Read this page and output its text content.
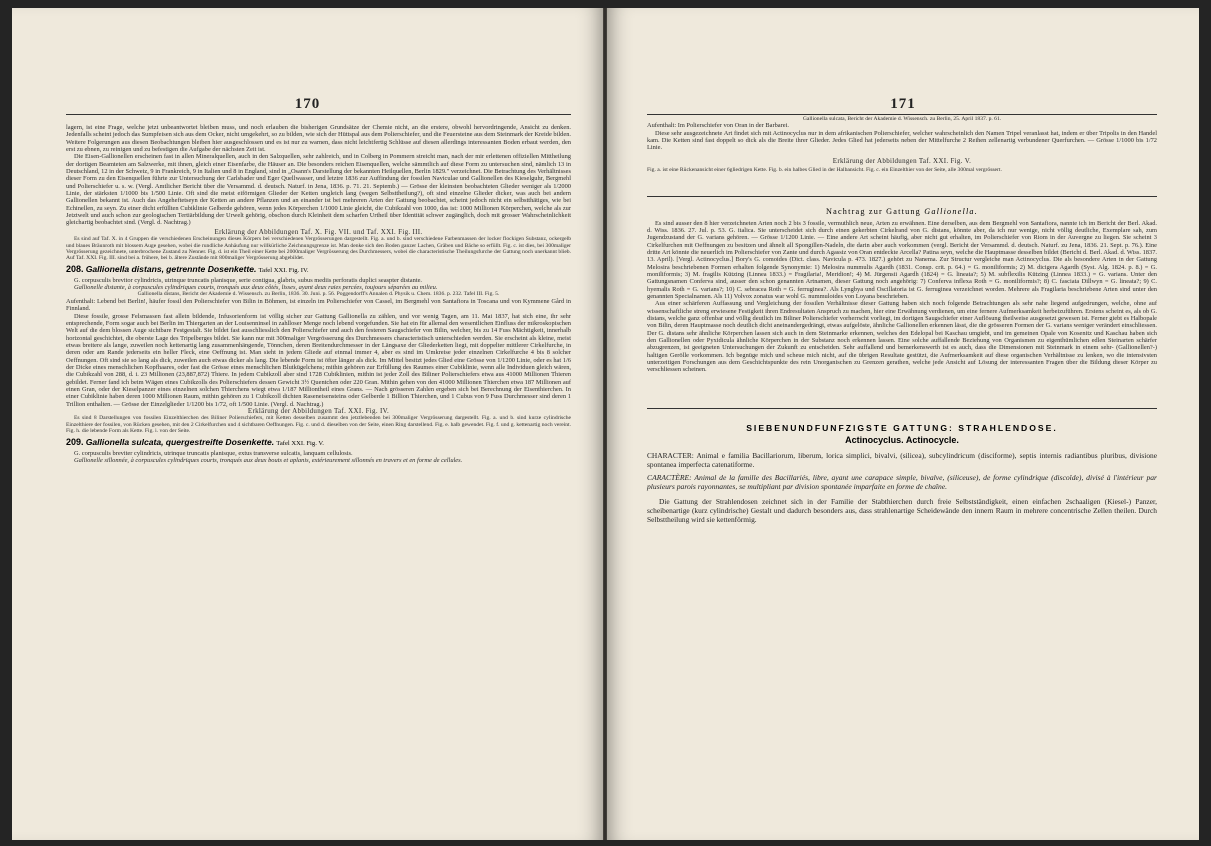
170

lagern, ist eine Frage, welche jetzt unbeantwortet bleiben muss, und noch erlauben die bisherigen Grundsätze der Chemie nicht, an die erstere, obwohl hervordringende, Ansicht zu denken. Jedenfalls scheint jedoch das Sumpfeisen sich aus dem Ocker, nicht umgekehrt, so zu bilden, wie sich der Hüttspal aus dem Polierschiefer, und die Feuersteine aus dem Steinmark der Kreide bilden. Weitere Folgerungen aus diesen Beobachtungen bleiben hier ausgeschlossen und es ist nur zu warnen, dass nicht leichtfertig Schlüsse auf diesen allerdings interessanten Boden erbaut werden, den erst zu ebnen, zu reinigen und zu befestigen die Aufgabe der nächsten Zeit ist.

Die Eisen-Gallionellen erscheinen fast in allen Mineralquellen, auch in den Salzquellen, sehr zahlreich, und in Colberg in Pommern streicht man, nach der mir erlettenen offiziellen Mittheilung der dortigen Beamteten am Salzwerke, mit ihnen, gleich einer Eisenfarbe, die Häuser an. Die besonders reichen Eisenquellen, welche sämmtlich auf diese Form zu untersuchen sind, nämlich 13 in Deutschland, 12 in der Schweiz, 9 in Frankreich, 9 in Italien und 8 in England, sind in „Osann's Darstellung der bekannten Heilquellen, Berlin 1829." verzeichnet. Die Betrachtung des Verhältnisses dieser Form zu den Eisenquellen führte zur Untersuchung der Carlsbader und Eger Quellwasser, und letztre 1836 zur Auffindung der fossilen Naviculae und Gallionellen des Kieselguhr, Bergmehl und Polierschiefer u. s. w. (Vergl. Amtlicher Bericht über die Versammd. d. deutsch. Naturf. in Jena, 1836. p. 71. 21. Septemb.) — Grösse der kleinsten beobachteten Glieder weniger als 1/2000 Linie, der stärksten 1/1000 bis 1/500 Linie. Oft sind die meist eiförmigen Glieder der Ketten ungleich lang (wegen Selbsttheilung?), oft sind einzelne Glieder dicker, was auch bei andern Gallionellen bekannt ist. Auch das Angeheftetseyn der Ketten an andere Pflanzen und an einander ist bei mehreren Arten der Gattung beobachtet, scheint jedoch nicht ein selbstthätiges, wie bei Echinellen, zu seyn. Zu einer dicht erfüllten Cubiklinie Gelberde gehören, wenn jedes Körperchen 1/1000 Linie gleicht, die Cubikzahl von 1000, das ist: 1000 Millionen Körperchen, welche als zur Jetztwelt und auch schon zur geologischen Tertiärbildung der Urwelt gehörig, obschon durch Kleinheit dem scharfen Urtheil über Identität schwer zugänglich, doch mit grosser Wahrscheinlichkeit gleichartig beobachtet sind. (Vergl. d. Nachtrag.)

Erklärung der Abbildungen Taf. X. Fig. VII. und Taf. XXI. Fig. III.

Es sind auf Taf. X. in 4 Gruppen die verschiedenen Erscheinungen dieses Körpers bei verschiedenen Vergrösserungen dargestellt. Fig. a. und b. sind verschiedene Farbenmassen der locker flockigen Substanz, ockergelb und blaues Bräunroth mit blossem Auge gesehen, wobei die rundliche Anhäufung nur willkürliche Zeichnungsgrenze ist. Man denke sich den Boden ganzer Lachen, Gräben und Bäche so erfüllt. Fig. c. ist dies, bei 300maliger Vergrösserung gezeichnete, unterbrochene Zustand zu Nenner. Fig. d. ist ein Theil einer Kette bei 2000maliger Vergrösserung des Durchmessers, wobei die characteristische Theilungsfurche der Gattung noch unerkannt blieb. Auf Taf. XXI. Fig. III. sind bei a. frühere, bei b. ältere Zustände mit 800maliger Vergrösserung abgebildet.

208. Gallionella distans, getrennte Dosenkette. Tafel XXI. Fig. IV.

G. corpusculis brevitor cylindricis, utrinque truncatis planisque, serie contigua, glabris, subus mediis perforatis duplici seaspter distante.

Gallionelle distante, à corpuscules cylindriques courts, tronqués aux deux côtés, lisses, ayant deux raies percées, toujours séparées au milieu.

Gallionella distans, Bericht der Akademie d. Wissensch. zu Berlin, 1836. 30. Juni. p. 56. Poggendorff's Annalen d. Physik u. Chem. 1836. p. 232. Tafel III. Fig. 5.

Aufenthalt: Lebend bei Berlin!, häufer fossil den Polierschiefer von Bilin in Böhmen, ist einzeln im Polierschiefer von Cassel, im Bergmehl von Santafiora in Toscana und von Kymmene Gård in Finnland.

Diese fossile, grosse Felsmassen fast allein bildende, Infusorienform ist völlig sicher zur Gattung Gallionella zu zählen, und vor wenig Tagen, am 11. Mai 1837, hat sich eine, ihr sehr entsprechende, Form sogar auch bei Berlin im Thiergarten an der Louisenninsel in zahlloser Menge noch lebend vorgefunden. Sie hat ein für allemal den wesentlichen Einfluss der mikroskopischen Welt auf die dem blossen Auge sichtbare Festgestalt. Sie bildet fast ausschliesslich den Polierschiefer und auch den festeren Saugschiefer von Bilin, welcher, bis zu 14 Fuss Mächtigkeit, innerhalb horizontal geschichtet, die oberste Lage des Tripelberges bildet. Sie kann nur mit 300maliger Vergrösserung des Durchmessers characteristisch unterschieden werden. Sie erscheint als kleine, meist etwas breitere als lange, zuweilen noch kettenartig lang zusammenhängende, Tönnchen, deren Breitendurchmesser in der Längsaxe der Gliederketten liegt, mit doppelter mittlerer Cirkelfurche, in deren oder am Rande jederseits ein heller Fleck, eine Oeffnung ist. Man sieht in jedem Gliede auf einmal immer 4, aber es sind im Umkreise jeder einzelnen Cirkelfurche 4 bis 8 solcher Oeffnungen. Oft sind sie so lang als dick, zuweilen auch etwas dicker als lang. Die lebende Form ist öfter länger als dick. Im Mittel besitzt jedes Glied eine Grösse von 1/1200 Linie, oder es hat 1/6 der Dicke eines menschlichen Kopfhaares, oder fast die Grösse eines menschlichen Blutkügelchens; mithin gehören zur Erfüllung des Raumes einer Cubiklinie, wenn alle Individuen gleich wären, die Cubikzahl von 288, d. i. 23 Millionen (23,887,872) Thiere. In jedem Cubikzoll aber sind 1728 Cubiklinien, mithin ist jeder Zoll des Biliner Polierschiefers etwa aus 41000 Millionen Thieren gebildet. Ferner fand ich beim Wägen eines Cubikzolls des Polierschiefers dessen Gewicht 3½ Quentchen oder 220 Gran. Mithin gehen von den 41000 Millionen Thierchen etwa 187 Millionen auf einen Gran, oder der Kieselpanzer eines einzelnen solchen Thierchens wiegt etwa 1/187 Milliontheil eines Grans. — Nach grösseren Zahlen ergeben sich bei Berechnung der Eisenthierchen. In einer Cubiklinie haben deren 1000 Millionen Raum, mithin gehören zu 1 Cubikzoll dichten Raseneisensteins oder Gelberde 1 Billion Thierchen, und 1 Cubus von 9 Fuss Durchmesser sind deren 1 Trillion enthalten. — Grösse der Einzelglieder 1/1200 bis 1/72, oft 1/500 Linie. (Vergl. d. Nachtrag.)

Erklärung der Abbildungen Taf. XXI. Fig. IV.

Es sind 8 Darstellungen von fossilen Einzelthierchen des Biliner Polierschiefers, mit Ketten desselben zusammt den jetztlebenden bei 300maliger Vergrösserung dargestellt. Fig. a. und b. sind kurze cylindrische Einzelthiere der fossilen, von Rücken gesehen, mit den 2 Cirkelfurchen und 4 sichtbaren Oeffnungen. Fig. c. und d. dieselben von der Seite, einen Ring darstellend. Fig. e. halb gewendet. Fig. f. und g. kettenartig noch vereint. Fig. h. die lebende Form als Kette. Fig. i. von der Seite.

209. Gallionella sulcata, quergestreifte Dosenkette. Tafel XXI. Fig. V.

G. corpusculis breviter cylindricis, utrinque truncatis planisque, extus transverse sulcatis, lanquam cellulosis.

Gallionelle sillonnée, à corpuscules cylindriques courts, tronqués aux deux bouts et aplanis, extérieurement sillonnés en travers et en forme de cellules.

171

Gallionella sulcata, Bericht der Akademie d. Wissensch. zu Berlin, 25. April 1837. p. 61.

Aufenthalt: Im Polierschiefer von Oran in der Barbarei.

Diese sehr ausgezeichnete Art findet sich mit Actinocyclus nur in dem afrikanischen Polierschiefer, welcher wahrscheinlich den Namen Tripel veranlasst hat, indem er über Tripolis in den Handel kam. Die Ketten sind fast doppelt so dick als die Breite ihrer Glieder. Jedes Glied hat jederseits neben der Mittelfurche 2 Reihen zellenartig verbundener Querfurchen. — Grösse 1/1000 bis 1/72 Linie.

Erklärung der Abbildungen Taf. XXI. Fig. V.

Fig. a. ist eine Rückenansicht einer 6gliedrigen Kette. Fig. b. ein halbes Glied in der Halbansicht. Fig. c. ein Einzelthier von der Seite, alle 300mal vergrössert.

Nachtrag zur Gattung Gallionella.

Es sind ausser den 8 hier verzeichneten Arten noch 2 bis 3 fossile, vermuthlich neue, Arten zu erwähnen. Eine derselben, aus dem Bergmehl von Santafiora, nannte ich im Bericht der Berl. Akad. d. Wiss. 1836. 27. Jul. p. 53. G. italica. Sie unterscheidet sich durch einen gekerbten Cirkelrand von G. distans, könnte aber, da ich nur wenige, nicht völlig deutliche, Exemplare sah, zum Jugendzustand der G. varians gehören. — Grösse 1/1200 Linie. — Eine andere Art scheint häufig, aber nicht gut erhalten, im Polierschiefer von Riom in der Auvergne zu liegen. Sie scheint 3 Cirkelfurchen mit Oeffnungen zu besitzen und ähnelt all Spongillen-Nadeln, die darin aber auch vorkommen (vergl. Bericht der Versammd. d. deutsch. Naturf. zu Jena, 1836. 21. Sept. p. 76.). Eine dritte Art könnte die neuerlich im Polierschiefer von Zante und durch Agassiz von Oran entdeckte Arcella? Patina seyn, welche die Hauptmasse desselben bildet (Bericht d. Berl. Akad. d. Wiss. 1837. 13. April). [Vergl. Actinocyclus.] Bory's G. comoides (Dict. class. Navicula p. 473. 1827.) gehört zu Nanema. Zur Structur vergleiche man Actinocyclus. Die als besondere Arten in der Gattung Melosira beschriebenen Formen erhalten folgende Synonymie: 1) Melosira nummulis Agardh (1831. Consp. crit. p. 64.) = G. moniliformis; 2) M. dicigera Agardh (Syst. Alg. 1824. p. 8.) = G. moniliformis; 3) M. fragilis Kützing (Linnea 1833.) = Fragilaria!, Meridion!; 4) M. Jürgensii Agardh (1824) = G. lineata?; 5) M. subflexilis Kützing (Linnea 1833.) = G. varians. Unter den Gattungsnamen Conferva sind, ausser den schon genannten Artnamen, dieser Gattung noch angehörig: 7) Conferva inflexa Roth = G. moniliformis?; 8) C. fasciata Dillwyn = G. lineata?; 9) C. hyemalis Roth = G. varians?; 10) C. sebracea Roth = G. ferruginea?. Als Lyngbya und Oscillatoria ist G. ferruginea verzeichnet worden. Mehrere als Fragilaria beschriebene Arten sind unter den genannten Specialnamen. Als 11) Volvox zonatus war wohl G. nummuloides von Loyana beschrieben.

Aus einer schärferen Auffassung und Vergleichung der fossilen Verhältnisse dieser Gattung haben sich noch folgende Betrachtungen als sehr nahe liegend aufgedrungen, welche, ohne auf wissenschaftliche streng erwiesene Festigkeit ihren Endresultaten Anspruch zu machen, hier eine Erwähnung verdienen, um eine fernere Aufmerksamkeit herbeizuführen. Erstens scheint es, als ob G. distans, welche ganz offenbar und völlig deutlich im Biliner Polierschiefer vorherrscht vorliegt, im dortigen Saugschiefer einer Auflösung theilweise ausgesetzt gewesen ist. Ferner giebt es Halbopale von Bilin, deren Hauptmasse noch deutlich dicht aneinandergedrängt, etwas aufgelöste, ähnliche Gallionellen erkennen lässt, die die grösseren Formen der G. varians weniger verändert einschliessen. Der G. distans sehr ähnliche Körperchen lassen sich auch in dem Steinmarke erkennen, welches den Edelopal bei Kaschau umgiebt, und im gemeinen Opale von Kosenitz und Kaschau haben sich den Gallionellen oder Pyxidicula ähnliche Körperchen in der Substanz noch erkennen lassen. Eine solche auffallende Beziehung von Organismen zu eigenthümlichen edlen Steinarten schärfer abzugrenzen, ist geeigneten Untersuchungen der Zukunft zu entscheiden. Sehr auffallend und bemerkenswerth ist es auch, dass die Dimensionen mit Steinmark in einem sehr- (Gallionellen?-) haltigen Gerölle vorkommen. Ich begnüge mich und scheue mich nicht, auf die übrigen Resultate gestützt, die Aufmerksamkeit auf diese organischen Verhältnisse zu lenken, wo die intensivsten unterzeitigen Forschungen aus dem Geschichtspunkte des rein Unorganischen zu Grenzen gerathen, welche jede Ansicht auf Lösung der interessanten Fragen über die Bildung dieser Körper zu verschliessen scheinen.

SIEBENUNDFUNFZIGSTE GATTUNG: STRAHLENDOSE.
Actinocyclus. Actinocycle.

CHARACTER: Animal e familia Bacillariorum, liberum, lorica simplici, bivalvi, (silicea), subcylindricum (disciforme), septis internis radiantibus pluribus, divisione spontanea imperfecta catenatiforme.

CARACTÈRE: Animal de la famille des Bacillariés, libre, ayant une carapace simple, bivalve, (siliceuse), de forme cylindrique (discoïde), divisé à l'intérieur par plusieurs parois rayonnantes, se multipliant par division spontanée imparfaite en forme de chaîne.

Die Gattung der Strahlendosen zeichnet sich in der Familie der Stabthierchen durch freie Selbstständigkeit, einen einfachen 2schaaligen (Kiesel-) Panzer, scheibenartige (kurz cylindrische) Gestalt und dadurch besonders aus, dass strahlenartige Scheidewände den innern Raum in mehrere concentrische Zellen theilen. Durch Selbsttheilung wird sie kettenförmig.
